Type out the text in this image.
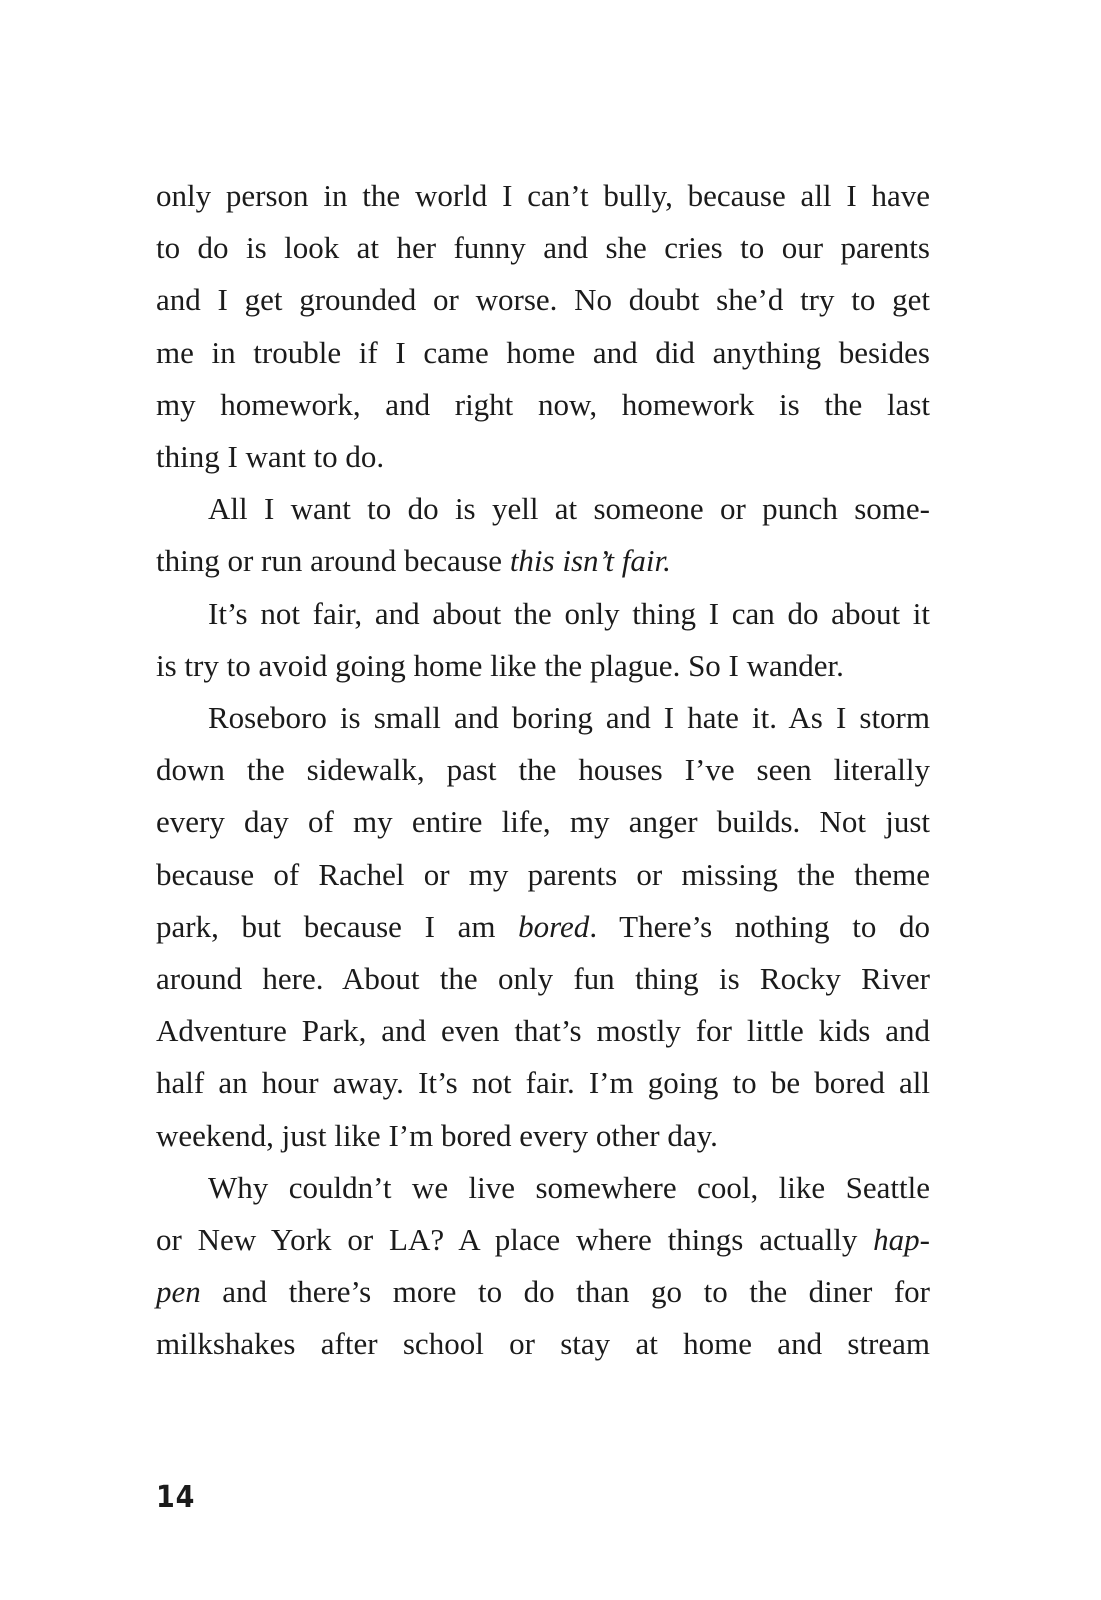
only person in the world I can’t bully, because all I have

to do is look at her funny and she cries to our parents

and I get grounded or worse. No doubt she’d try to get

me in trouble if I came home and did anything besides

my homework, and right now, homework is the last

thing I want to do.

All I want to do is yell at someone or punch some-

thing or run around because this isn’t fair.

It’s not fair, and about the only thing I can do about it

is try to avoid going home like the plague. So I wander.

Roseboro is small and boring and I hate it. As I storm

down the sidewalk, past the houses I’ve seen literally

every day of my entire life, my anger builds. Not just

because of Rachel or my parents or missing the theme

park, but because I am bored. There’s nothing to do

around here. About the only fun thing is Rocky River

Adventure Park, and even that’s mostly for little kids and

half an hour away. It’s not fair. I’m going to be bored all

weekend, just like I’m bored every other day.

Why couldn’t we live somewhere cool, like Seattle

or New York or LA? A place where things actually hap-

pen and there’s more to do than go to the diner for

milkshakes after school or stay at home and stream

14
